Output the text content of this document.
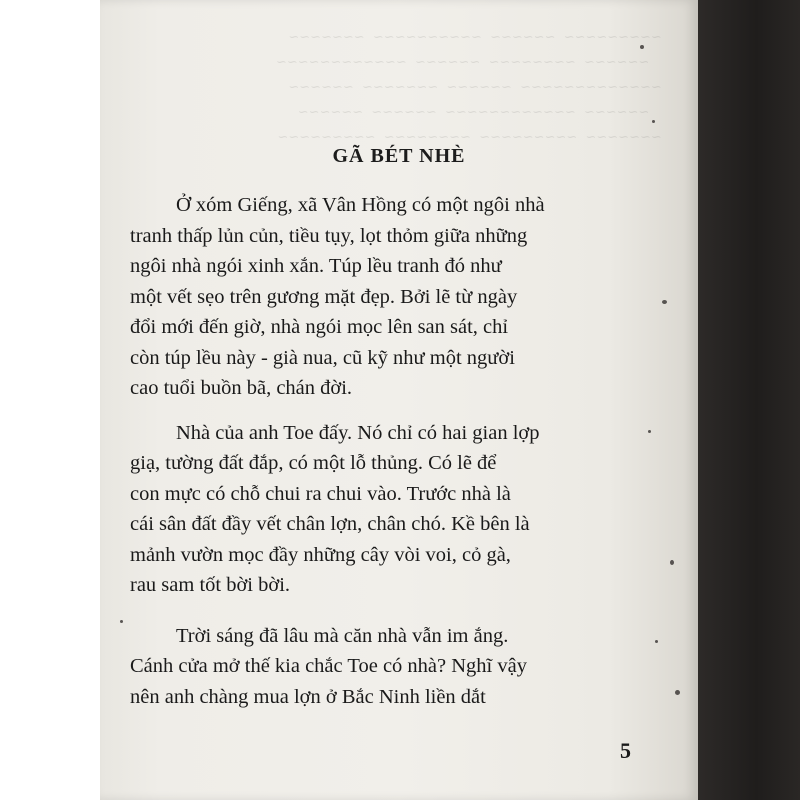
~~~~~~~~~  ~~~~~~  ~~~~~~~~~~  ~~~~~~~
~~~~~~  ~~~~~~~~  ~~~~~~  ~~~~~~~~~~~~
~~~~~~~~~~~~~  ~~~~~~  ~~~~~~~  ~~~~~~
~~~~~~  ~~~~~~~~~~~~  ~~~~~~  ~~~~~~
~~~~~~~  ~~~~~~~~~  ~~~~~~~~  ~~~~~~~~~

GÃ BÉT NHÈ
Ở xóm Giếng, xã Vân Hồng có một ngôi nhà
tranh thấp lủn củn, tiều tụy, lọt thỏm giữa những
ngôi nhà ngói xinh xắn. Túp lều tranh đó như
một vết sẹo trên gương mặt đẹp. Bởi lẽ từ ngày
đổi mới đến giờ, nhà ngói mọc lên san sát, chỉ
còn túp lều này - già nua, cũ kỹ như một người
cao tuổi buồn bã, chán đời.
Nhà của anh Toe đấy. Nó chỉ có hai gian lợp
giạ, tường đất đắp, có một lỗ thủng. Có lẽ để
con mực có chỗ chui ra chui vào. Trước nhà là
cái sân đất đầy vết chân lợn, chân chó. Kề bên là
mảnh vườn mọc đầy những cây vòi voi, cỏ gà,
rau sam tốt bời bời.
Trời sáng đã lâu mà căn nhà vẫn im ắng.
Cánh cửa mở thế kia chắc Toe có nhà? Nghĩ vậy
nên anh chàng mua lợn ở Bắc Ninh liền dắt
5
